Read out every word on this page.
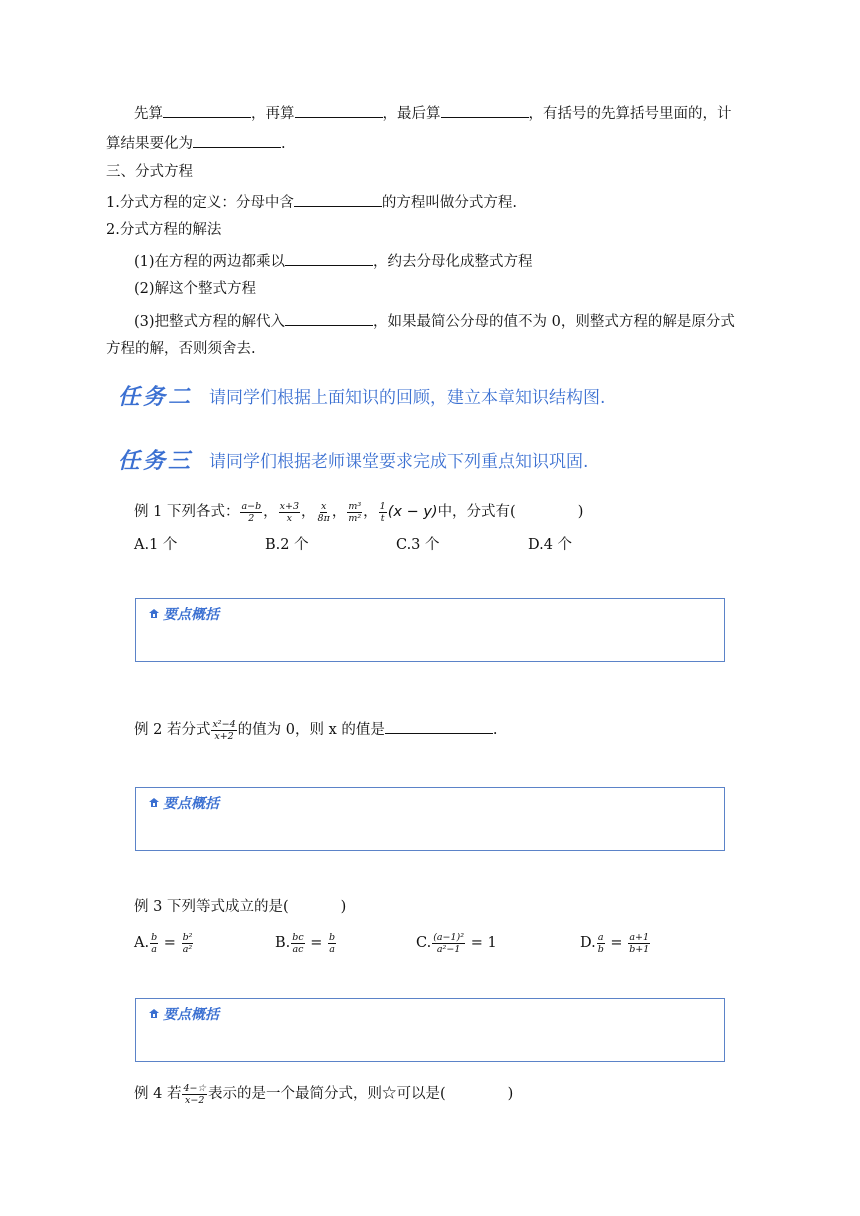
先算	，再算	，最后算	，有括号的先算括号里面的，计
算结果要化为	.
三、分式方程
1.分式方程的定义：分母中含	的方程叫做分式方程.
2.分式方程的解法
(1)在方程的两边都乘以	，约去分母化成整式方程
(2)解这个整式方程
(3)把整式方程的解代入	，如果最简公分母的值不为 0，则整式方程的解是原分式
方程的解，否则须舍去.
任务二 请同学们根据上面知识的回顾，建立本章知识结构图.
任务三 请同学们根据老师课堂要求完成下列重点知识巩固.
例 1 下列各式： $\frac{a-b}{2}$ ， $\frac{x+3}{x}$ ， $\frac{x}{8\pi}$ ， $\frac{\text{m³}}{\text{m²}}$ ， $\frac{1}{t} (x - y)$中，分式有(	)
A.1 个	B.2 个	C.3 个	D.4 个
要点概括
例 2 若分式 $\frac{\text{x²−4}}{x+2}$ 的值为 0，则 x 的值是	.
要点概括
例 3 下列等式成立的是(	)
A. $\frac{b}{a} = \frac{\text{b²}}{\text{a²}}$	B. $\frac{bc}{ac} = \frac{b}{a}$	C. $\frac{\text{(a−1)²}}{\text{a²−1}} = 1$	D. $\frac{a}{b} = \frac{a+1}{b+1}$
要点概括
例 4 若 $\frac{4-☆}{x-2}$ 表示的是一个最简分式，则☆可以是(	)
